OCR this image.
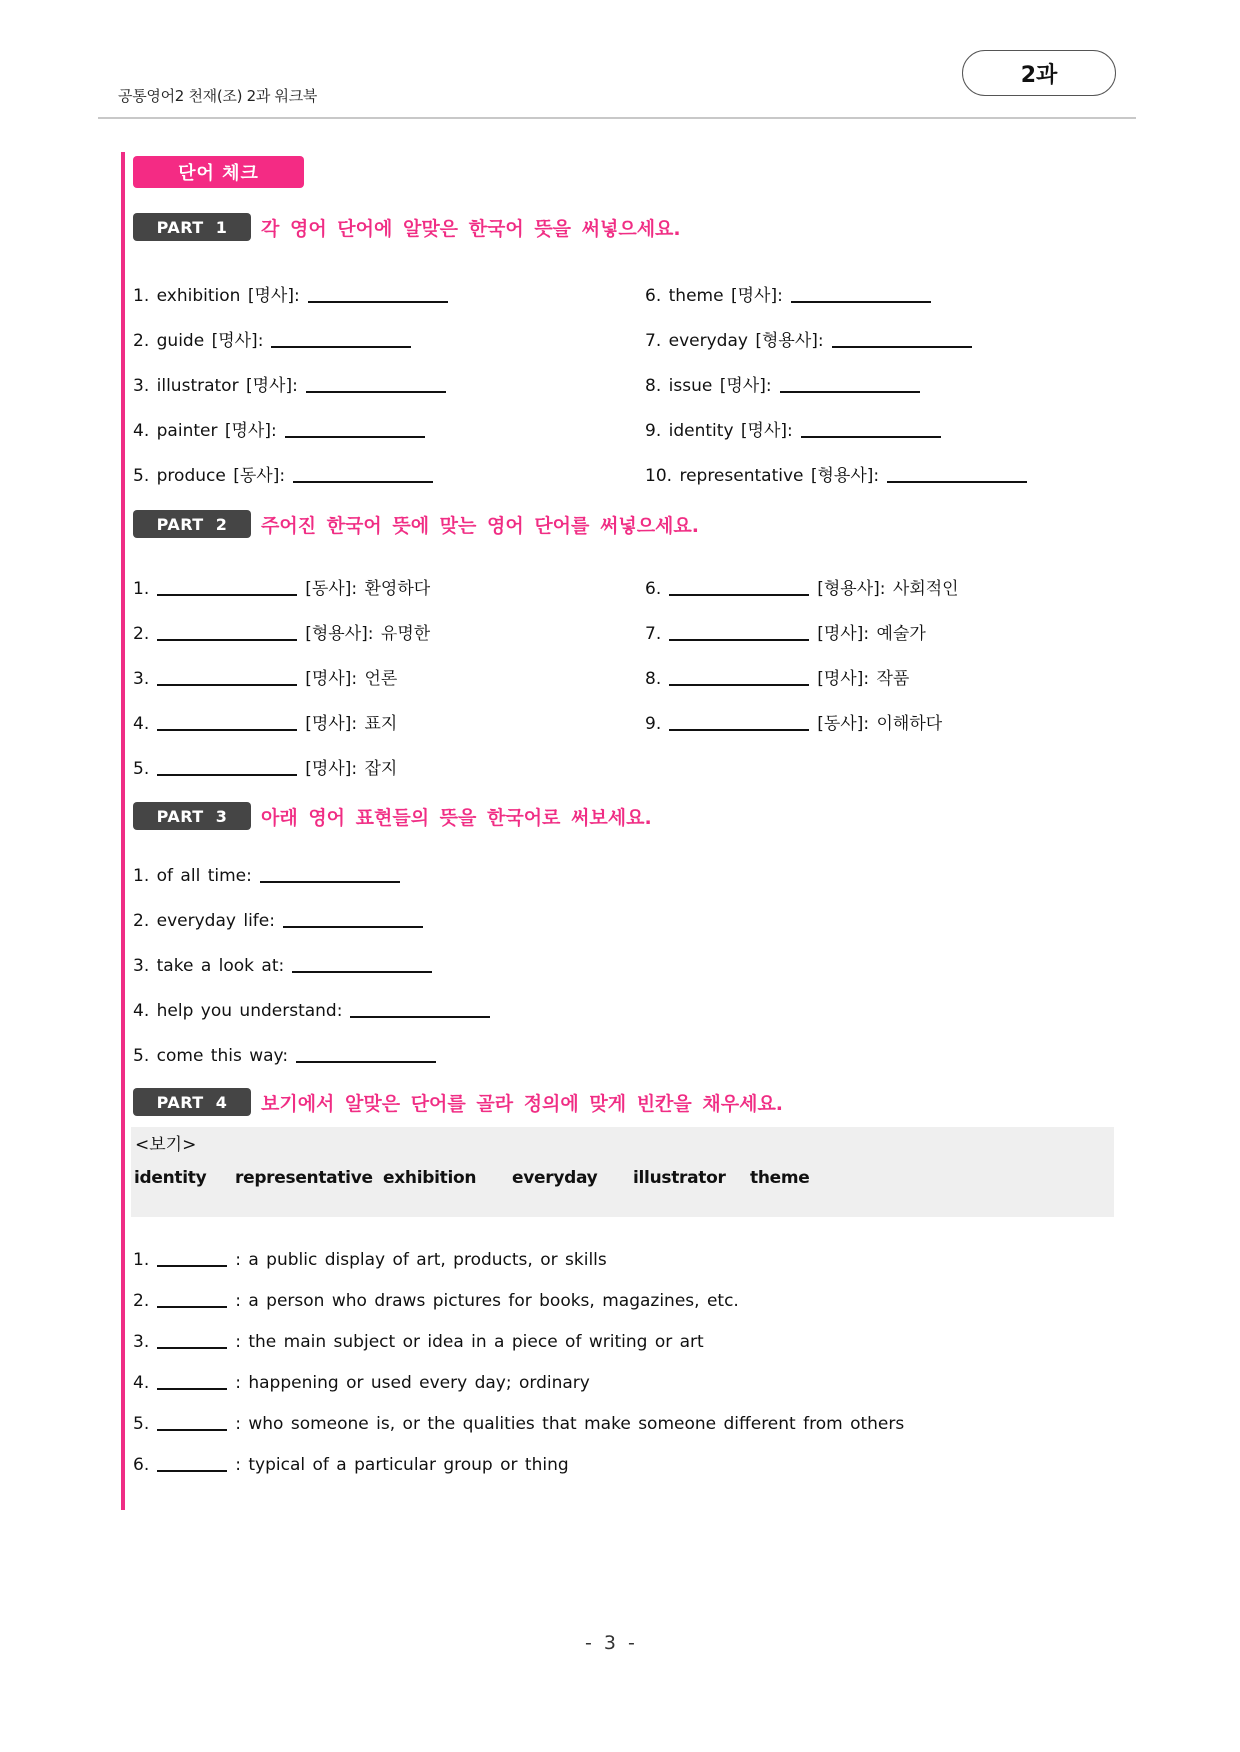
공통영어2 천재(조) 2과 워크북
2과
단어 체크
PART 1	각 영어 단어에 알맞은 한국어 뜻을 써넣으세요.
1.
exhibition [명사]:
2.
guide [명사]:
3.
illustrator [명사]:
4.
painter [명사]:
5.
produce [동사]:
6.
theme [명사]:
7.
everyday [형용사]:
8.
issue [명사]:
9.
identity [명사]:
10.
representative [형용사]:
PART 2	주어진 한국어 뜻에 맞는 영어 단어를 써넣으세요.
1.	[동사]: 환영하다
2.	[형용사]: 유명한
3.	[명사]: 언론
4.	[명사]: 표지
5.	[명사]: 잡지
6.	[형용사]: 사회적인
7.	[명사]: 예술가
8.	[명사]: 작품
9.	[동사]: 이해하다
PART 3	아래 영어 표현들의 뜻을 한국어로 써보세요.
1.
of all time:
2.
everyday life:
3.
take a look at:
4.
help you understand:
5.
come this way:
PART 4	보기에서 알맞은 단어를 골라 정의에 맞게 빈칸을 채우세요.
<보기>
identity representative exhibition everyday illustrator theme
1.	: a public display of art, products, or skills
2.	: a person who draws pictures for books, magazines, etc.
3.	: the main subject or idea in a piece of writing or art
4.	: happening or used every day; ordinary
5.	: who someone is, or the qualities that make someone different from others
6.	: typical of a particular group or thing
- 3 -
